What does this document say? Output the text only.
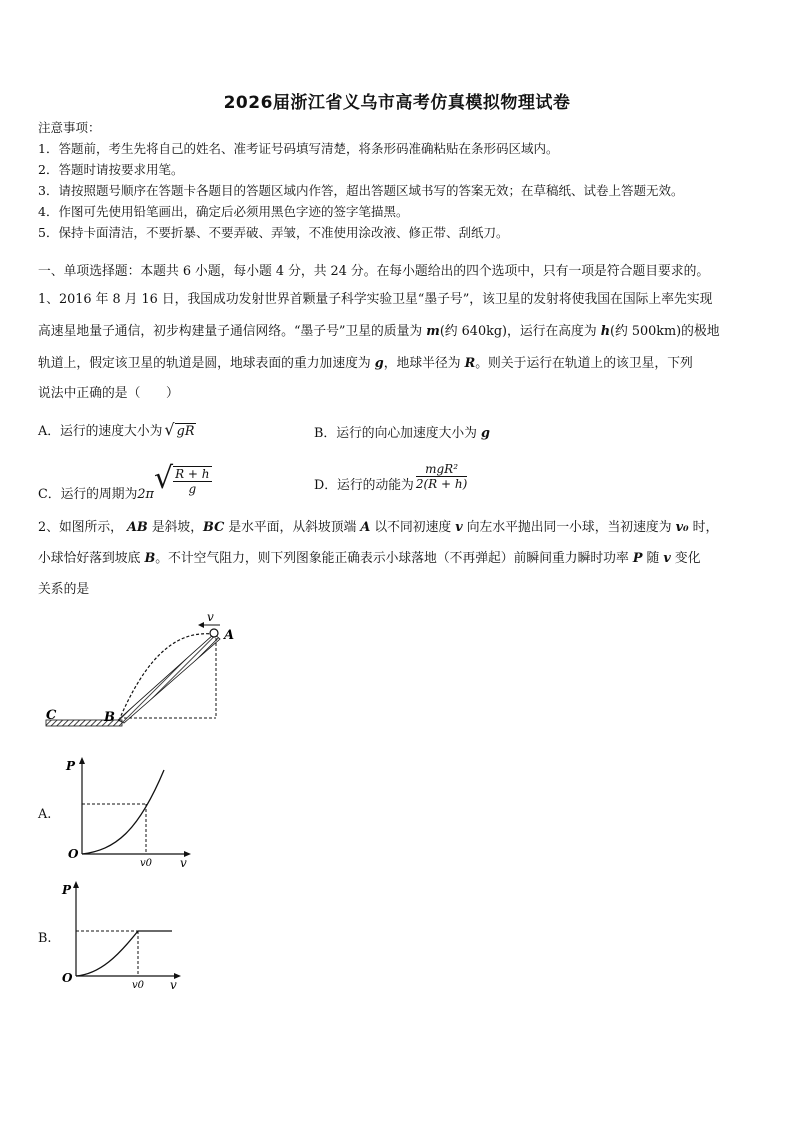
2026届浙江省义乌市高考仿真模拟物理试卷
注意事项：
1．答题前，考生先将自己的姓名、准考证号码填写清楚，将条形码准确粘贴在条形码区域内。
2．答题时请按要求用笔。
3．请按照题号顺序在答题卡各题目的答题区域内作答，超出答题区域书写的答案无效；在草稿纸、试卷上答题无效。
4．作图可先使用铅笔画出，确定后必须用黑色字迹的签字笔描黑。
5．保持卡面清洁，不要折暴、不要弄破、弄皱，不准使用涂改液、修正带、刮纸刀。
一、单项选择题：本题共 6 小题，每小题 4 分，共 24 分。在每小题给出的四个选项中，只有一项是符合题目要求的。
1、2016 年 8 月 16 日，我国成功发射世界首颗量子科学实验卫星“墨子号”，该卫星的发射将使我国在国际上率先实现
高速星地量子通信，初步构建量子通信网络。“墨子号”卫星的质量为 m(约 640kg)，运行在高度为 h(约 500km)的极地
轨道上，假定该卫星的轨道是圆，地球表面的重力加速度为 g，地球半径为 R。则关于运行在轨道上的该卫星，下列
说法中正确的是（　　）
A．运行的速度大小为 √ gR	B．运行的向心加速度大小为 g
C．运行的周期为$2\pi√ \frac{R + h}{g}$	D．运行的动能为
mgR²
2(R + h)
2、如图所示， AB 是斜坡，BC 是水平面，从斜坡顶端 A 以不同初速度 v 向左水平抛出同一小球，当初速度为 v₀ 时，
小球恰好落到坡底 B。不计空气阻力，则下列图象能正确表示小球落地（不再弹起）前瞬间重力瞬时功率 P 随 v 变化
关系的是
v
A
B
C
A.
P
O
v0 v
B.
P
O
v0 v
